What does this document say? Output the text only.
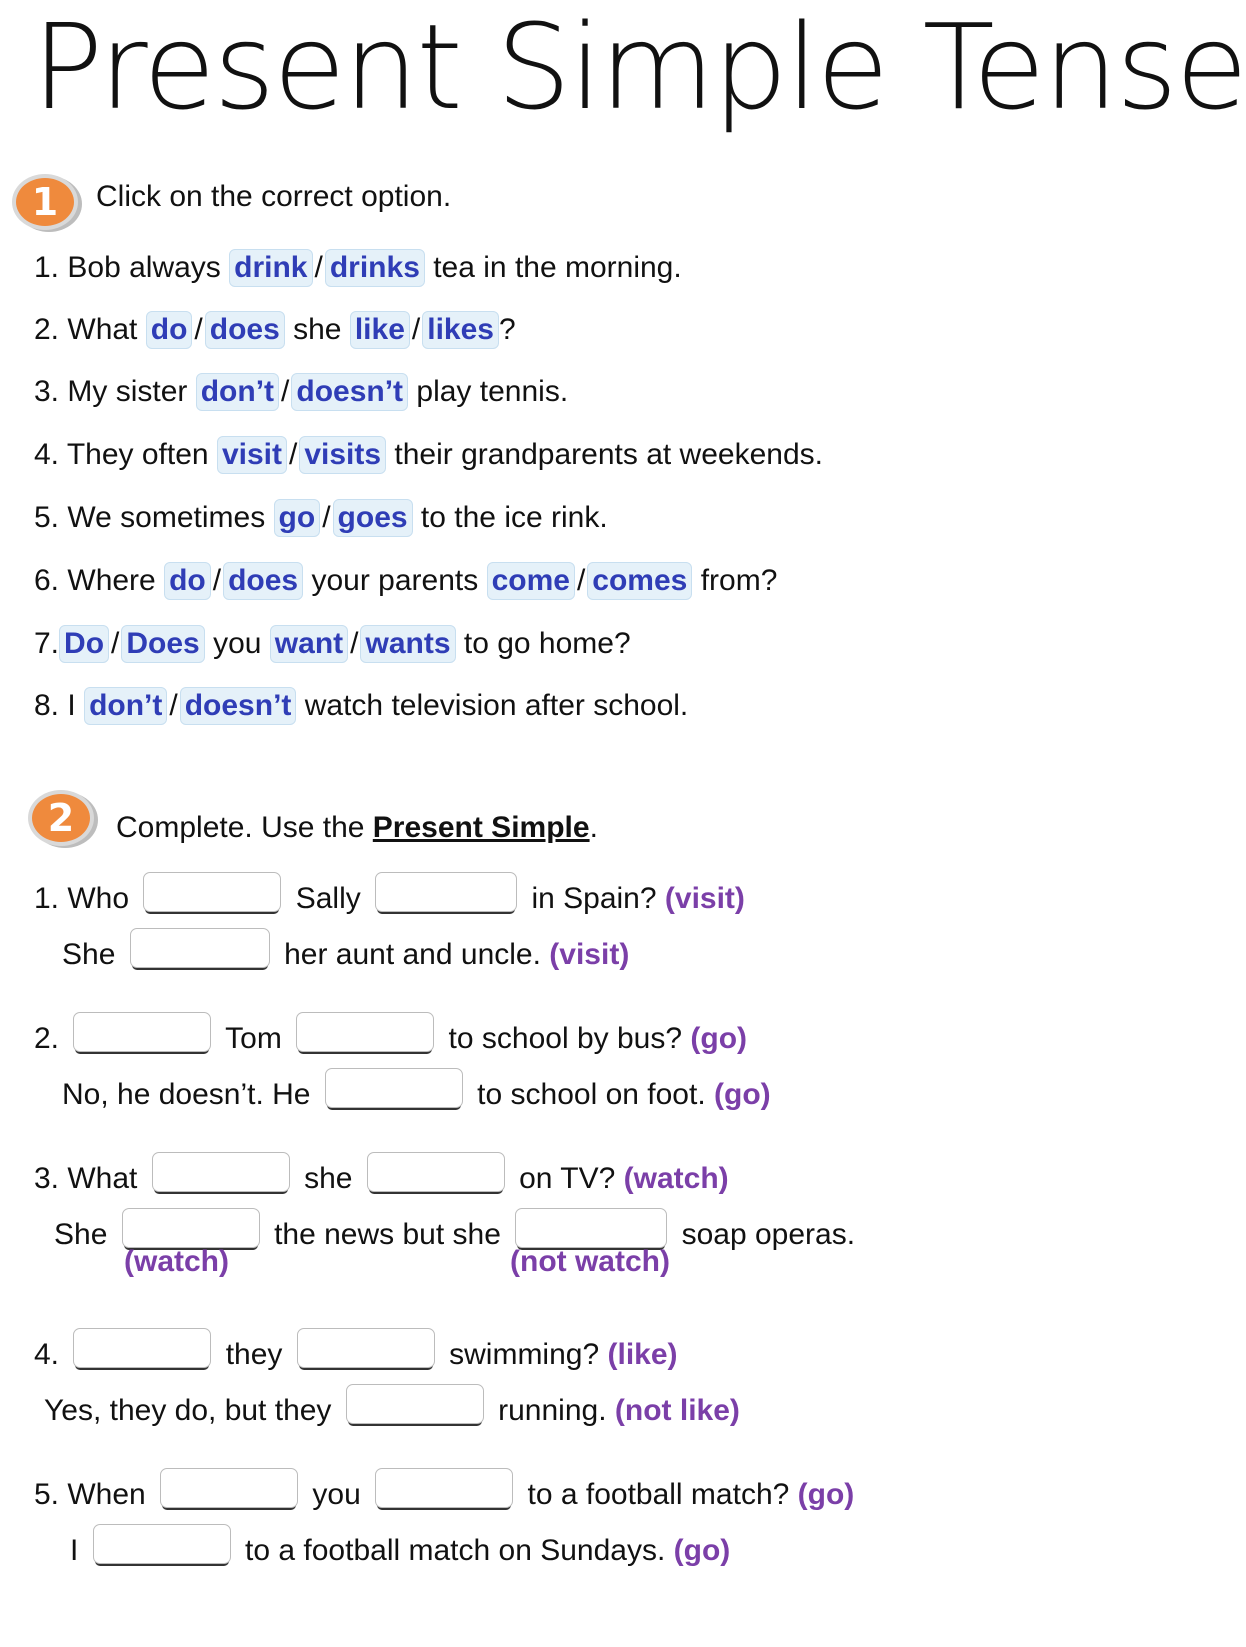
Present Simple Tense
1	Click on the correct option.
1. Bob always drink / drinks tea in the morning.
2. What do / does she like / likes ?
3. My sister don’t / doesn’t play tennis.
4. They often visit / visits their grandparents at weekends.
5. We sometimes go / goes to the ice rink.
6. Where do / does your parents come / comes from?
7. Do / Does you want / wants to go home?
8. I don’t / doesn’t watch television after school.
2	Complete. Use the Present Simple.
1. Who	Sally	in Spain? (visit)
She	her aunt and uncle. (visit)
2.	Tom	to school by bus? (go)
No, he doesn’t. He	to school on foot. (go)
3. What	she	on TV? (watch)
She	the news but she	soap operas.
(watch)	(not watch)
4.	they	swimming? (like)
Yes, they do, but they	running. (not like)
5. When	you	to a football match? (go)
I	to a football match on Sundays. (go)
